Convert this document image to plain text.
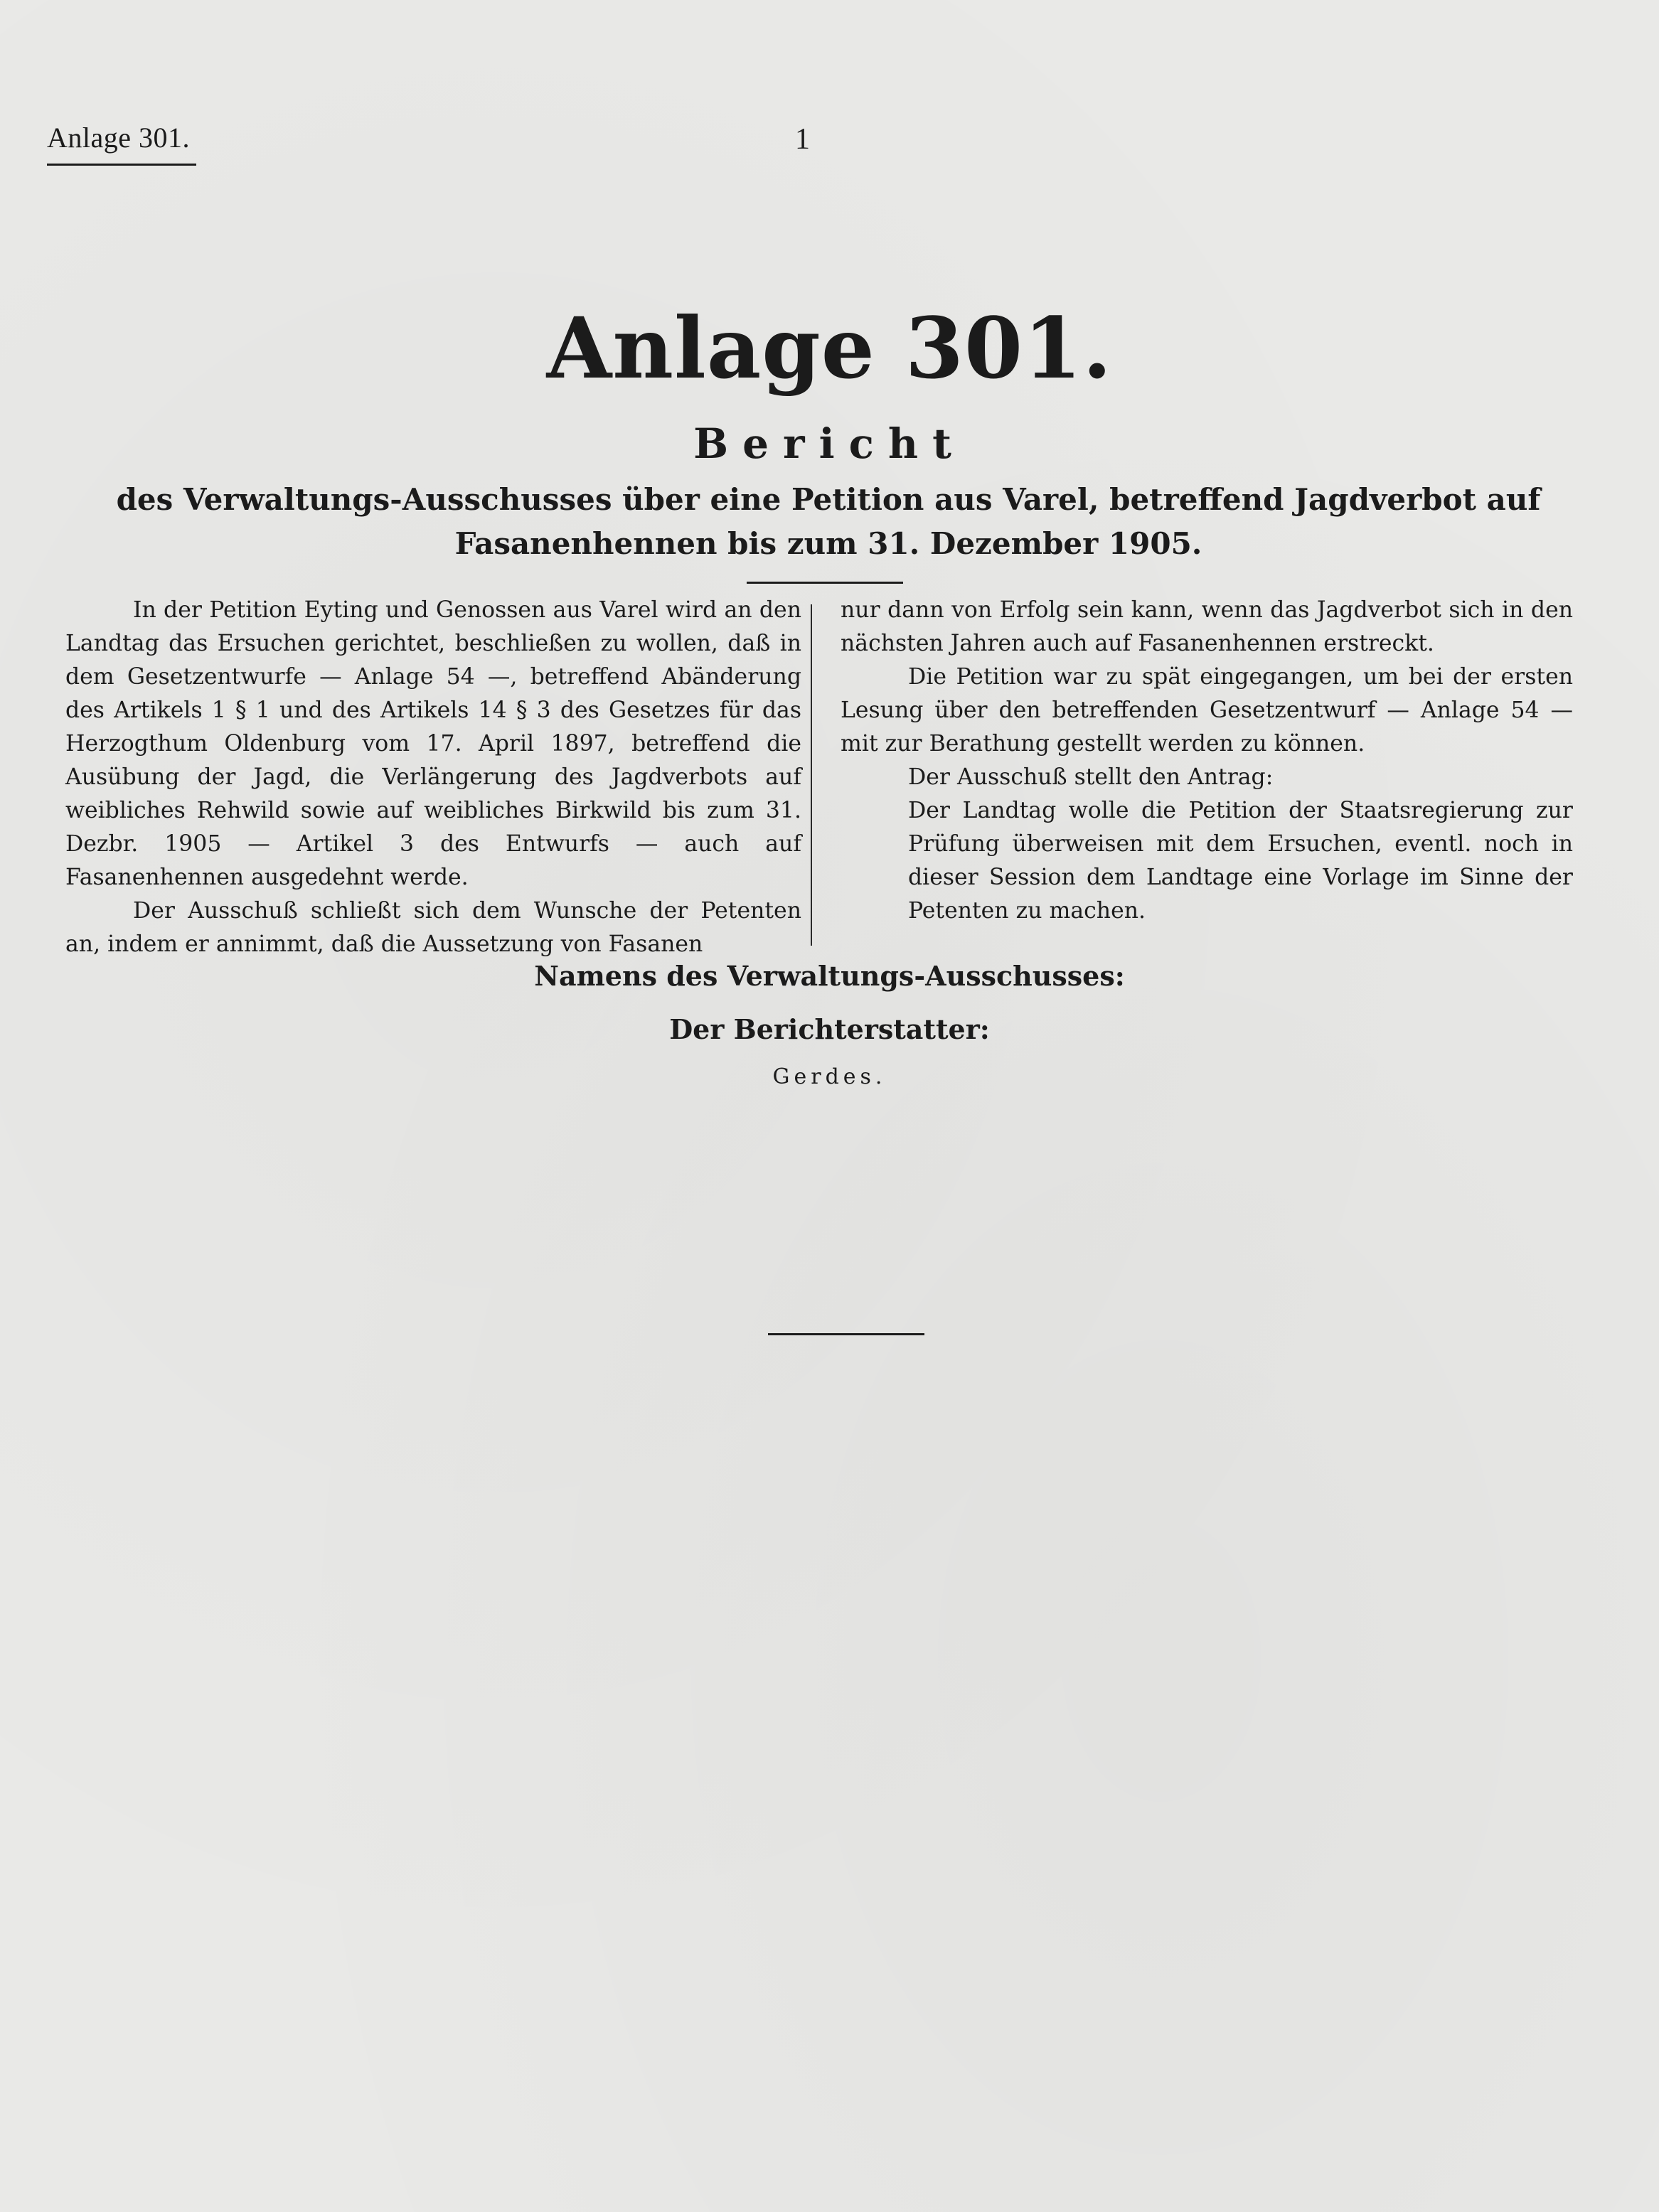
Anlage 301.	1
Anlage 301.
Bericht
des Verwaltungs-Ausschusses über eine Petition aus Varel, betreffend Jagdverbot auf Fasanenhennen bis zum 31. Dezember 1905.

In der Petition Eyting und Genossen aus Varel wird an den Landtag das Ersuchen gerichtet, beschließen zu wollen, daß in dem Gesetzentwurfe — Anlage 54 —, betreffend Abänderung des Artikels 1 § 1 und des Artikels 14 § 3 des Gesetzes für das Herzogthum Oldenburg vom 17. April 1897, betreffend die Ausübung der Jagd, die Verlängerung des Jagdverbots auf weibliches Rehwild sowie auf weibliches Birkwild bis zum 31. Dezbr. 1905 — Artikel 3 des Entwurfs — auch auf Fasanenhennen ausgedehnt werde.

Der Ausschuß schließt sich dem Wunsche der Petenten an, indem er annimmt, daß die Aussetzung von Fasanen

nur dann von Erfolg sein kann, wenn das Jagdverbot sich in den nächsten Jahren auch auf Fasanenhennen erstreckt.

Die Petition war zu spät eingegangen, um bei der ersten Lesung über den betreffenden Gesetzentwurf — Anlage 54 — mit zur Berathung gestellt werden zu können.

Der Ausschuß stellt den Antrag:

Der Landtag wolle die Petition der Staatsregierung zur Prüfung überweisen mit dem Ersuchen, eventl. noch in dieser Session dem Landtage eine Vorlage im Sinne der Petenten zu machen.

Namens des Verwaltungs-Ausschusses:
Der Berichterstatter:
Gerdes.
